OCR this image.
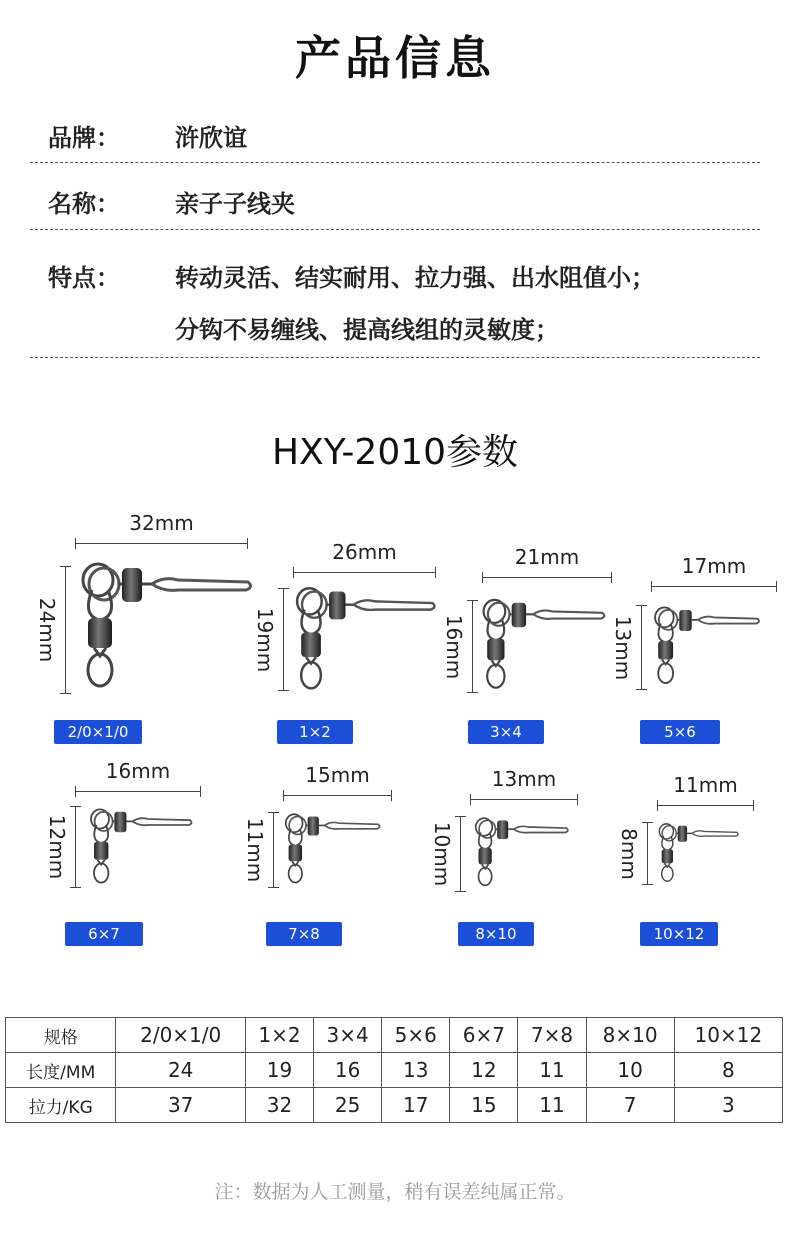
产品信息
品牌： 浒欣谊
名称： 亲子子线夹
特点： 转动灵活、结实耐用、拉力强、出水阻值小；
分钩不易缠线、提高线组的灵敏度；
HXY-2010参数
32mm
24mm
2/0×1/0
26mm
19mm
1×2
21mm
16mm
3×4
17mm
13mm
5×6
16mm
12mm
6×7
15mm
11mm
7×8
13mm
10mm
8×10
11mm
8mm
10×12
规格	2/0×1/0	1×2	3×4	5×6	6×7	7×8	8×10	10×12
长度/MM	24	19	16	13	12	11	10	8
拉力/KG	37	32	25	17	15	11	7	3
注：数据为人工测量，稍有误差纯属正常。
